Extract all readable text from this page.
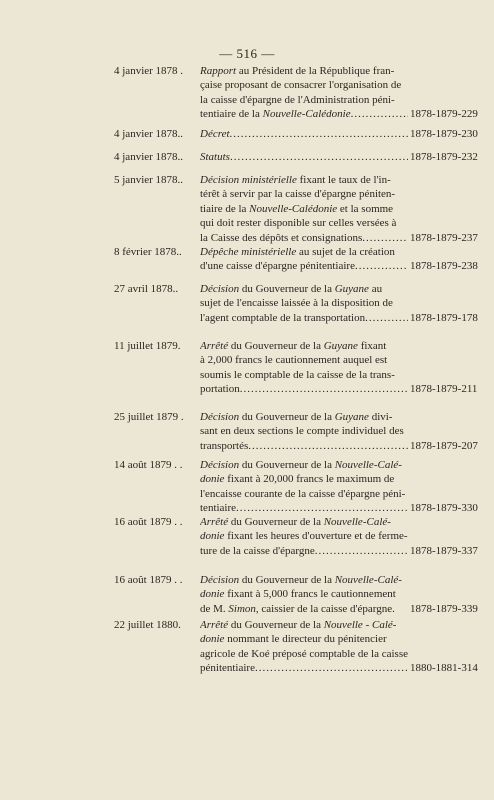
— 516 —
4 janvier 1878 . Rapport au Président de la République fran-
çaise proposant de consacrer l'organisation de
la caisse d'épargne de l'Administration péni-
tentiaire de la Nouvelle-Calédonie .....	1878-1879-229
4 janvier 1878.. Décret .....	1878-1879-230
4 janvier 1878.. Statuts .....	1878-1879-232
5 janvier 1878.. Décision ministérielle fixant le taux de l'in-
térêt à servir par la caisse d'épargne péniten-
tiaire de la Nouvelle-Calédonie et la somme
qui doit rester disponible sur celles versées à
la Caisse des dépôts et consignations .....	1878-1879-237
8 février 1878.. Dépêche ministérielle au sujet de la création
d'une caisse d'épargne pénitentiaire .....	1878-1879-238
27 avril 1878.. Décision du Gouverneur de la Guyane au
sujet de l'encaisse laissée à la disposition de
l'agent comptable de la transportation .....	1878-1879-178
11 juillet 1879. Arrêté du Gouverneur de la Guyane fixant
à 2,000 francs le cautionnement auquel est
soumis le comptable de la caisse de la trans-
portation .....	1878-1879-211
25 juillet 1879 . Décision du Gouverneur de la Guyane divi-
sant en deux sections le compte individuel des
transportés .....	1878-1879-207
14 août 1879 . . Décision du Gouverneur de la Nouvelle-Calé-
donie fixant à 20,000 francs le maximum de
l'encaisse courante de la caisse d'épargne péni-
tentiaire .....	1878-1879-330
16 août 1879 . . Arrêté du Gouverneur de la Nouvelle-Calé-
donie fixant les heures d'ouverture et de ferme-
ture de la caisse d'épargne .....	1878-1879-337
16 août 1879 . . Décision du Gouverneur de la Nouvelle-Calé-
donie fixant à 5,000 francs le cautionnement
de M. Simon, caissier de la caisse d'épargne. 1878-1879-339
22 juillet 1880. Arrêté du Gouverneur de la Nouvelle - Calé-
donie nommant le directeur du pénitencier
agricole de Koé préposé comptable de la caisse
pénitentiaire .....	1880-1881-314
